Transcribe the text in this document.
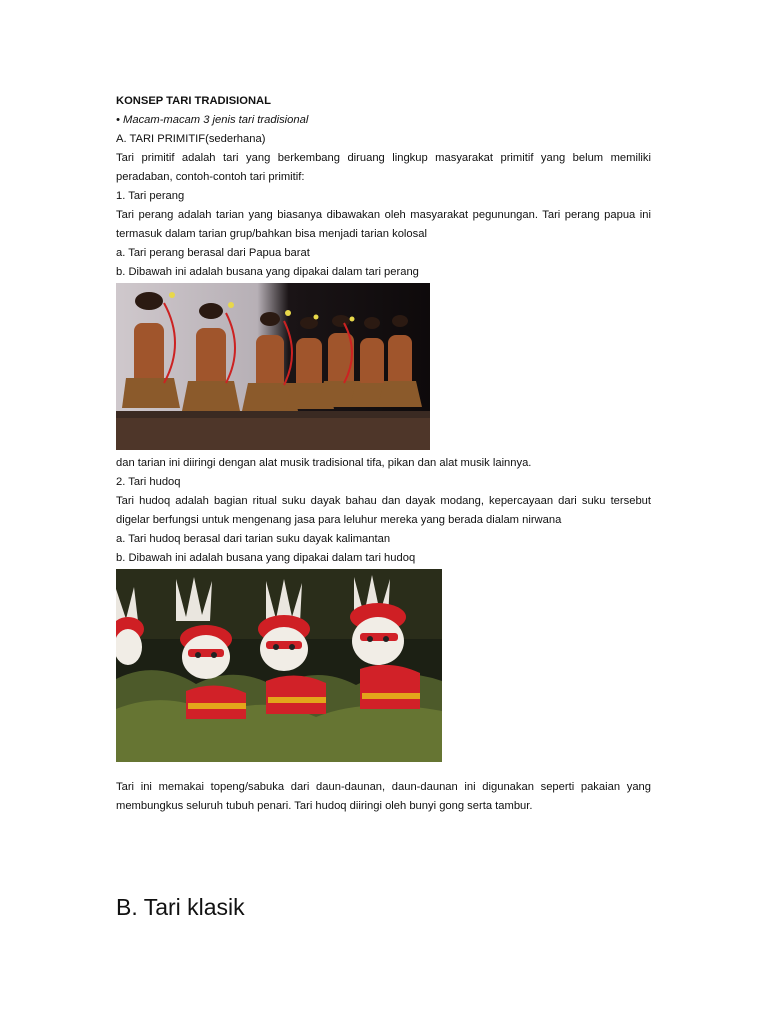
KONSEP TARI TRADISIONAL

• Macam-macam 3 jenis tari tradisional

A. TARI PRIMITIF(sederhana)

Tari primitif adalah tari yang berkembang diruang lingkup masyarakat primitif yang belum memiliki peradaban, contoh-contoh tari primitif:

1. Tari perang

Tari perang adalah tarian yang biasanya dibawakan oleh masyarakat pegunungan. Tari perang papua ini termasuk dalam tarian grup/bahkan bisa menjadi tarian kolosal

a. Tari perang berasal dari Papua barat

b. Dibawah ini adalah busana yang dipakai dalam tari perang

dan tarian ini diiringi dengan alat musik tradisional tifa, pikan dan alat musik lainnya.

2. Tari hudoq

Tari hudoq adalah bagian ritual suku dayak bahau dan dayak modang, kepercayaan dari suku tersebut digelar berfungsi untuk mengenang jasa para leluhur mereka yang berada dialam nirwana

a. Tari hudoq berasal dari tarian suku dayak kalimantan

b. Dibawah ini adalah busana yang dipakai dalam tari hudoq

Tari ini memakai topeng/sabuka dari daun-daunan, daun-daunan ini digunakan seperti pakaian yang membungkus seluruh tubuh penari. Tari hudoq diiringi oleh bunyi gong serta tambur.

B. Tari klasik
